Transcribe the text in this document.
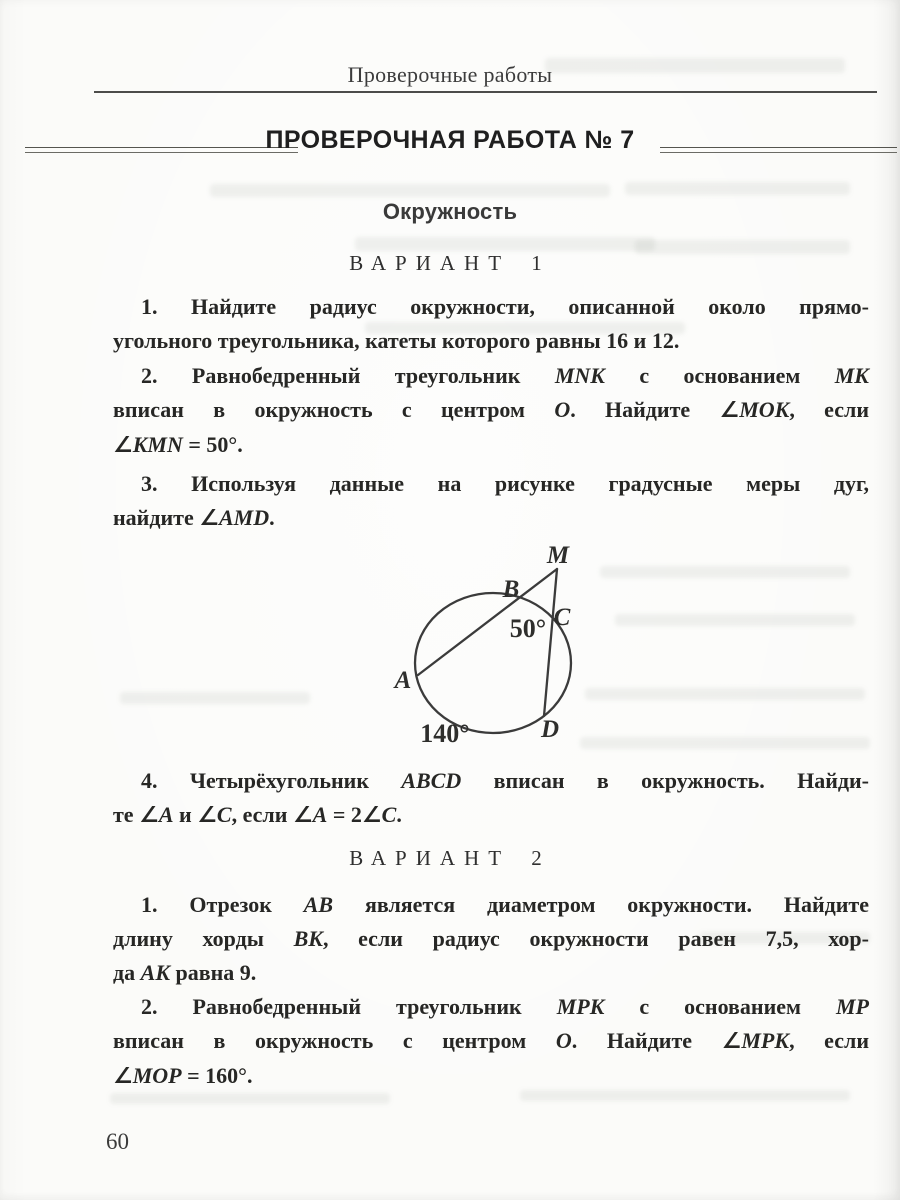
Проверочные работы
ПРОВЕРОЧНАЯ РАБОТА № 7
Окружность
ВАРИАНТ 1
1. Найдите радиус окружности, описанной около прямо-
угольного треугольника, катеты которого равны 16 и 12.
2. Равнобедренный треугольник MNK с основанием MK
вписан в окружность с центром O. Найдите ∠MOK, если
∠KMN = 50°.
3. Используя данные на рисунке градусные меры дуг,
найдите ∠AMD.
M
B
C
A
D
50°
140°
4. Четырёхугольник ABCD вписан в окружность. Найди-
те ∠A и ∠C, если ∠A = 2∠C.
ВАРИАНТ 2
1. Отрезок AB является диаметром окружности. Найдите
длину хорды BK, если радиус окружности равен 7,5, хор-
да AK равна 9.
2. Равнобедренный треугольник MPK с основанием MP
вписан в окружность с центром O. Найдите ∠MPK, если
∠MOP = 160°.
60
